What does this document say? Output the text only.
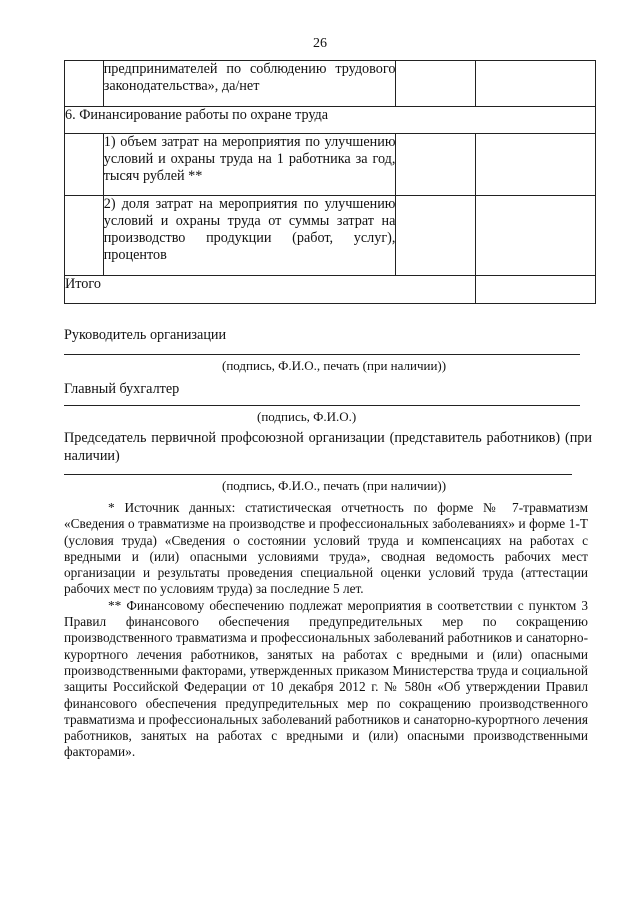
26
	предпринимателей по соблюдению трудового законодательства», да/нет		
6. Финансирование работы по охране труда			
	1) объем затрат на мероприятия по улучшению условий и охраны труда на 1 работника за год, тысяч рублей **		
	2) доля затрат на мероприятия по улучшению условий и охраны труда от суммы затрат на производство продукции (работ, услуг), процентов		
Итого			
Руководитель организации
(подпись, Ф.И.О., печать (при наличии))
Главный бухгалтер
(подпись, Ф.И.О.)
Председатель первичной профсоюзной организации (представитель работников) (при наличии)
(подпись, Ф.И.О., печать (при наличии))

* Источник данных: статистическая отчетность по форме № 7-травматизм «Сведения о травматизме на производстве и профессиональных заболеваниях» и форме 1-Т (условия труда) «Сведения о состоянии условий труда и компенсациях на работах с вредными и (или) опасными условиями труда», сводная ведомость рабочих мест организации и результаты проведения специальной оценки условий труда (аттестации рабочих мест по условиям труда) за последние 5 лет.

** Финансовому обеспечению подлежат мероприятия в соответствии с пунктом 3 Правил финансового обеспечения предупредительных мер по сокращению производственного травматизма и профессиональных заболеваний работников и санаторно-курортного лечения работников, занятых на работах с вредными и (или) опасными производственными факторами, утвержденных приказом Министерства труда и социальной защиты Российской Федерации от 10 декабря 2012 г. № 580н «Об утверждении Правил финансового обеспечения предупредительных мер по сокращению производственного травматизма и профессиональных заболеваний работников и санаторно-курортного лечения работников, занятых на работах с вредными и (или) опасными производственными факторами».
